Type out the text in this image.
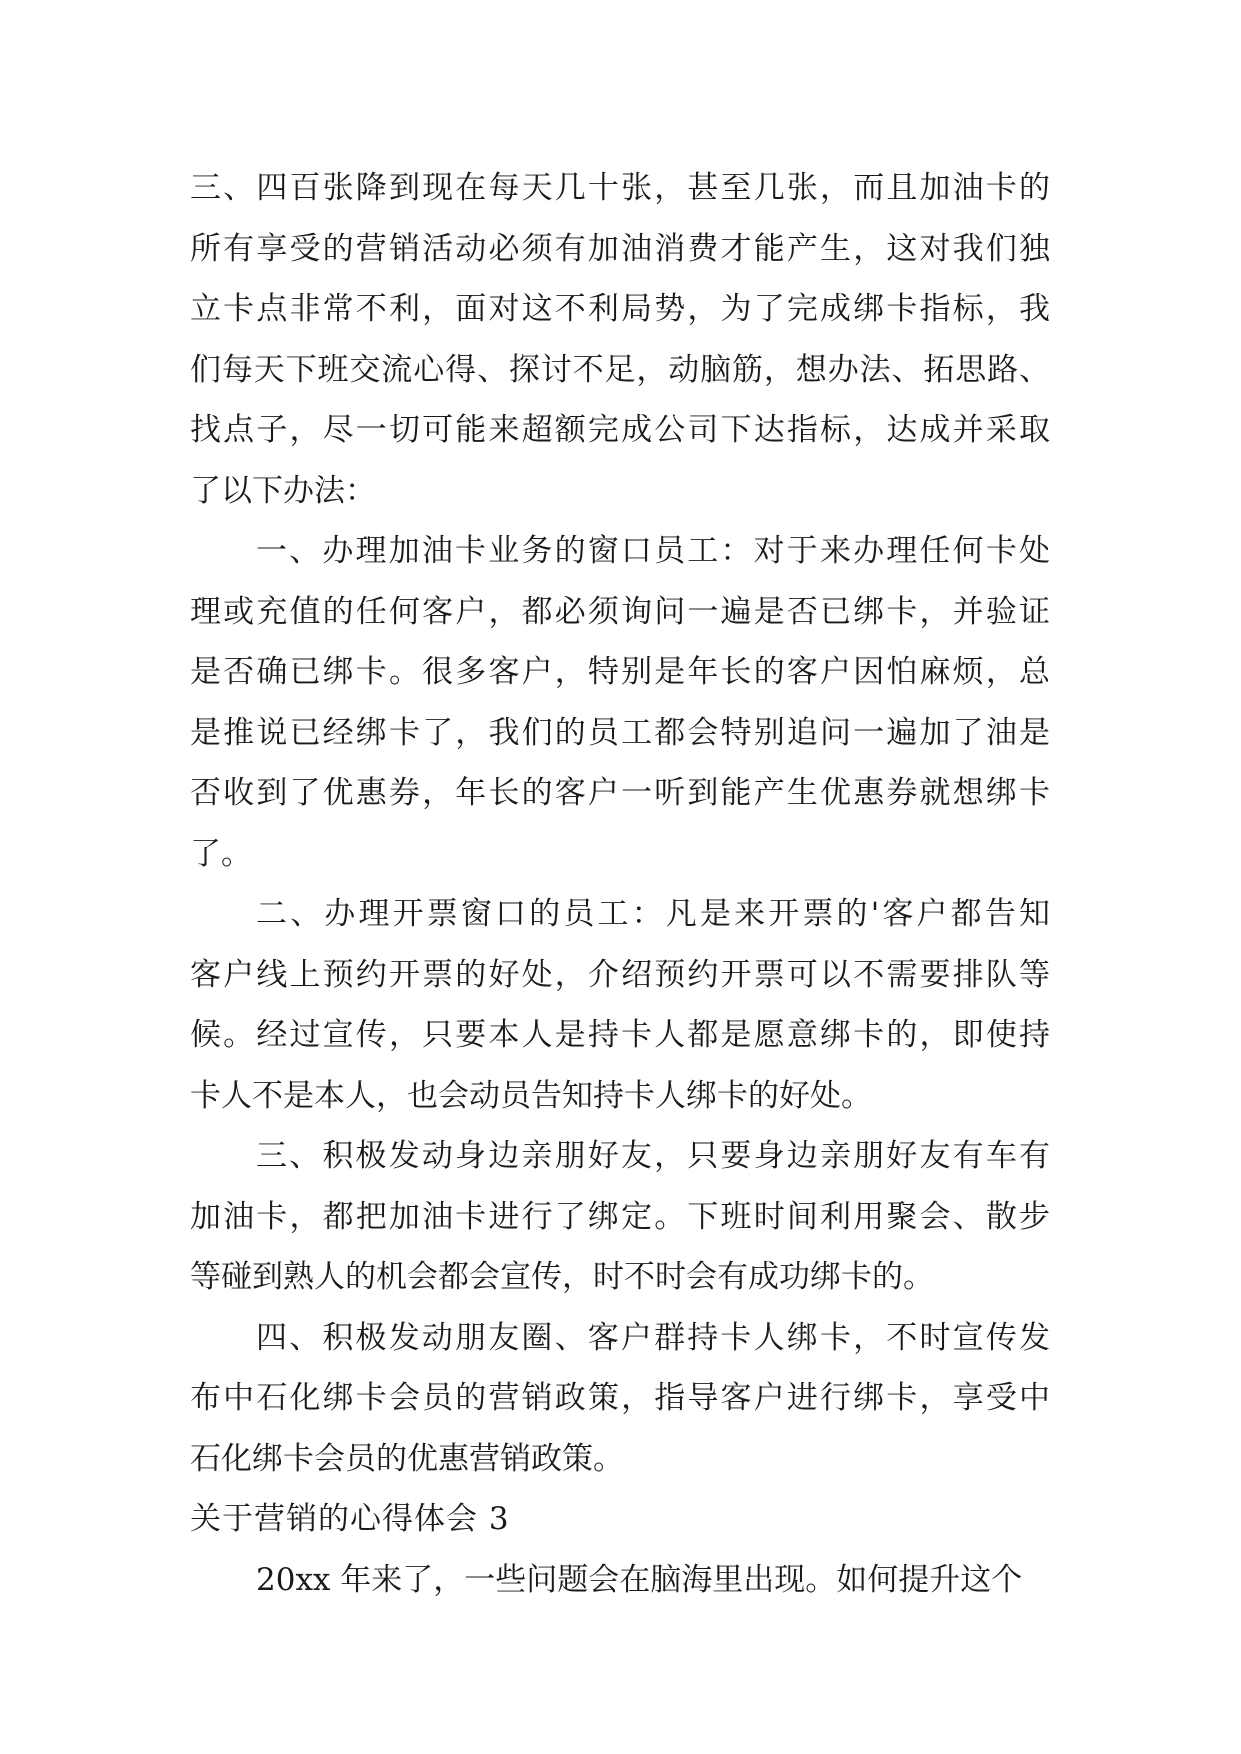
三、四百张降到现在每天几十张，甚至几张，而且加油卡的
所有享受的营销活动必须有加油消费才能产生，这对我们独
立卡点非常不利，面对这不利局势，为了完成绑卡指标，我
们每天下班交流心得、探讨不足，动脑筋，想办法、拓思路、
找点子，尽一切可能来超额完成公司下达指标，达成并采取
了以下办法：
一、办理加油卡业务的窗口员工：对于来办理任何卡处
理或充值的任何客户，都必须询问一遍是否已绑卡，并验证
是否确已绑卡。很多客户，特别是年长的客户因怕麻烦，总
是推说已经绑卡了，我们的员工都会特别追问一遍加了油是
否收到了优惠券，年长的客户一听到能产生优惠券就想绑卡
了。
二、办理开票窗口的员工：凡是来开票的'客户都告知
客户线上预约开票的好处，介绍预约开票可以不需要排队等
候。经过宣传，只要本人是持卡人都是愿意绑卡的，即使持
卡人不是本人，也会动员告知持卡人绑卡的好处。
三、积极发动身边亲朋好友，只要身边亲朋好友有车有
加油卡，都把加油卡进行了绑定。下班时间利用聚会、散步
等碰到熟人的机会都会宣传，时不时会有成功绑卡的。
四、积极发动朋友圈、客户群持卡人绑卡，不时宣传发
布中石化绑卡会员的营销政策，指导客户进行绑卡，享受中
石化绑卡会员的优惠营销政策。
关于营销的心得体会 3
20xx 年来了，一些问题会在脑海里出现。如何提升这个
